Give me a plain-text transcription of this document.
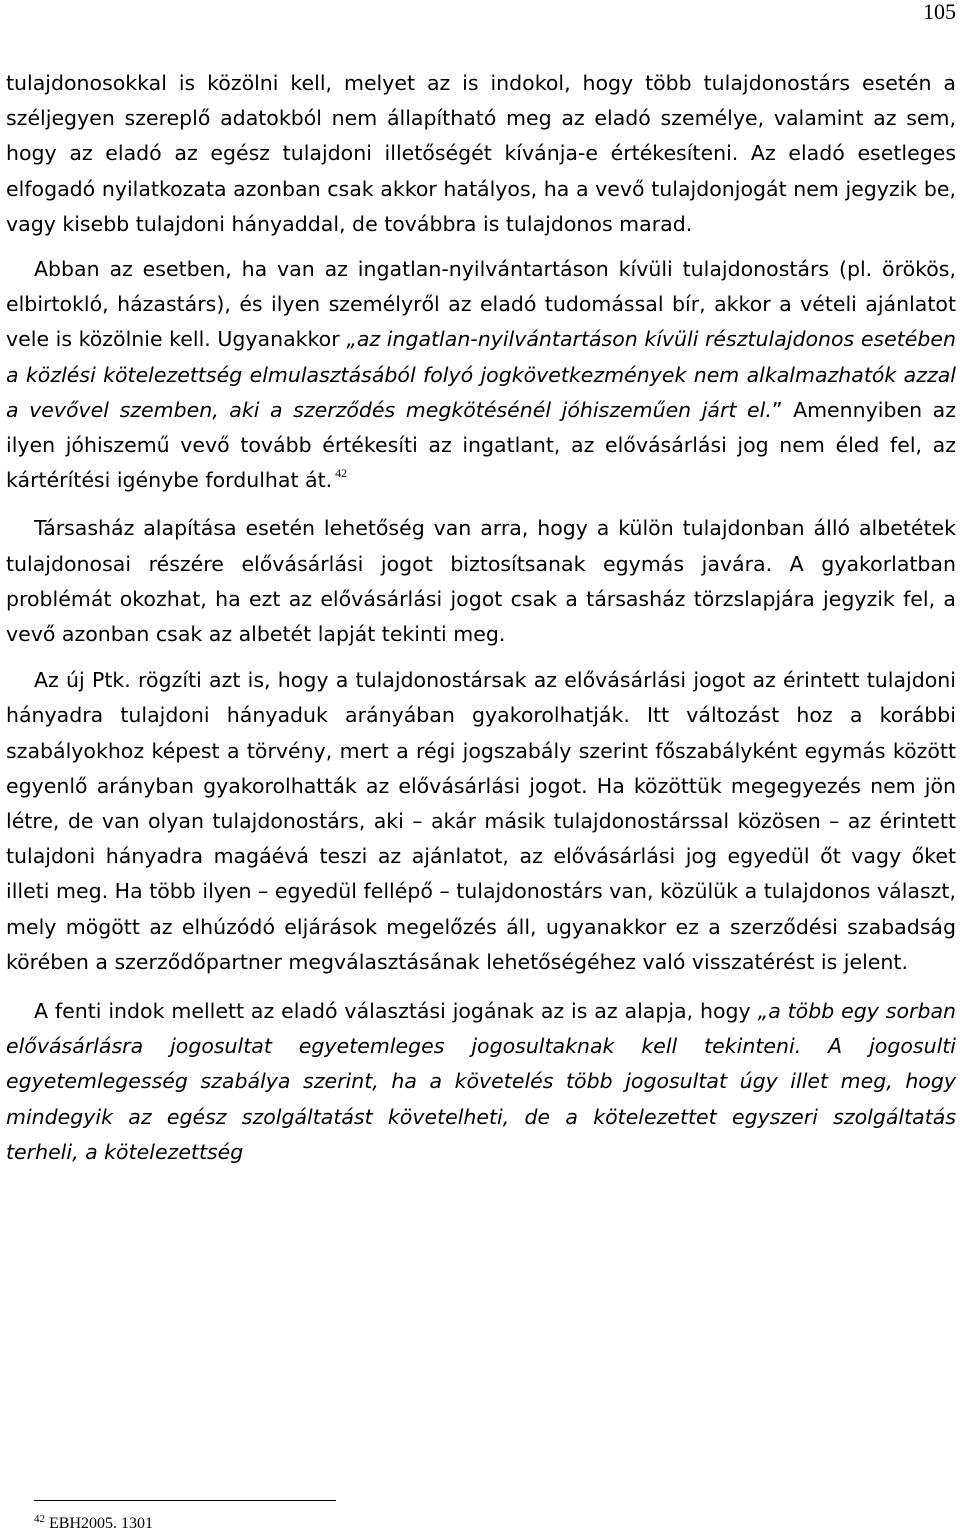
105

tulajdonosokkal is közölni kell, melyet az is indokol, hogy több tulajdonostárs esetén a széljegyen szereplő adatokból nem állapítható meg az eladó személye, valamint az sem, hogy az eladó az egész tulajdoni illetőségét kívánja-e értékesíteni. Az eladó esetleges elfogadó nyilatkozata azonban csak akkor hatályos, ha a vevő tulajdonjogát nem jegyzik be, vagy kisebb tulajdoni hányaddal, de továbbra is tulajdonos marad.

Abban az esetben, ha van az ingatlan-nyilvántartáson kívüli tulajdonostárs (pl. örökös, elbirtokló, házastárs), és ilyen személyről az eladó tudomással bír, akkor a vételi ajánlatot vele is közölnie kell. Ugyanakkor „az ingatlan-nyilvántartáson kívüli résztulajdonos esetében a közlési kötelezettség elmulasztásából folyó jogkövetkezmények nem alkalmazhatók azzal a vevővel szemben, aki a szerződés megkötésénél jóhiszeműen járt el.” Amennyiben az ilyen jóhiszemű vevő tovább értékesíti az ingatlant, az elővásárlási jog nem éled fel, az kártérítési igénybe fordulhat át. $^{42}$

Társasház alapítása esetén lehetőség van arra, hogy a külön tulajdonban álló albetétek tulajdonosai részére elővásárlási jogot biztosítsanak egymás javára. A gyakorlatban problémát okozhat, ha ezt az elővásárlási jogot csak a társasház törzslapjára jegyzik fel, a vevő azonban csak az albetét lapját tekinti meg.

Az új Ptk. rögzíti azt is, hogy a tulajdonostársak az elővásárlási jogot az érintett tulajdoni hányadra tulajdoni hányaduk arányában gyakorolhatják. Itt változást hoz a korábbi szabályokhoz képest a törvény, mert a régi jogszabály szerint főszabályként egymás között egyenlő arányban gyakorolhatták az elővásárlási jogot. Ha közöttük megegyezés nem jön létre, de van olyan tulajdonostárs, aki – akár másik tulajdonostárssal közösen – az érintett tulajdoni hányadra magáévá teszi az ajánlatot, az elővásárlási jog egyedül őt vagy őket illeti meg. Ha több ilyen – egyedül fellépő – tulajdonostárs van, közülük a tulajdonos választ, mely mögött az elhúzódó eljárások megelőzés áll, ugyanakkor ez a szerződési szabadság körében a szerződőpartner megválasztásának lehetőségéhez való visszatérést is jelent.

A fenti indok mellett az eladó választási jogának az is az alapja, hogy „a több egy sorban elővásárlásra jogosultat egyetemleges jogosultaknak kell tekinteni. A jogosulti egyetemlegesség szabálya szerint, ha a követelés több jogosultat úgy illet meg, hogy mindegyik az egész szolgáltatást követelheti, de a kötelezettet egyszeri szolgáltatás terheli, a kötelezettség

$^{42}$ EBH2005. 1301
